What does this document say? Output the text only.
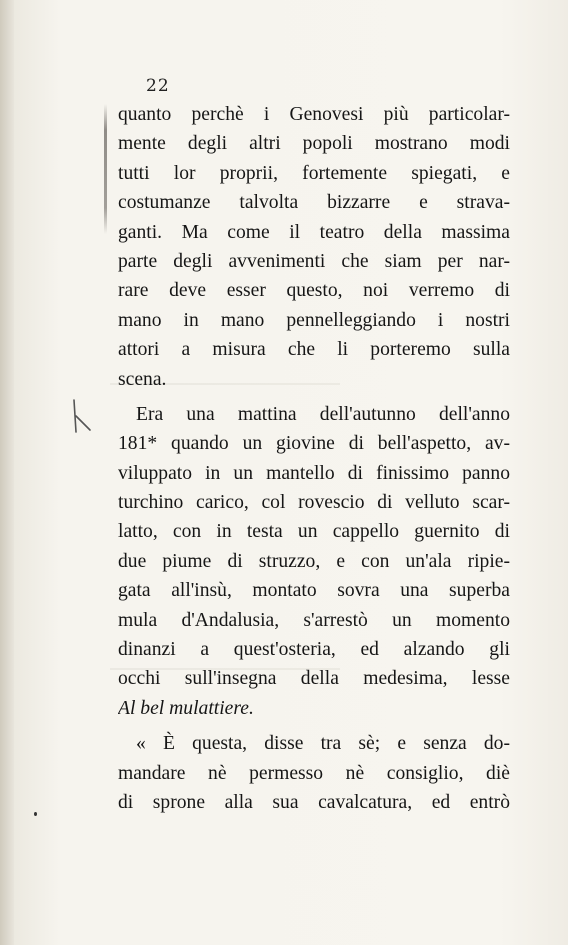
22
quanto perchè i Genovesi più particolar-
mente degli altri popoli mostrano modi
tutti lor proprii, fortemente spiegati, e
costumanze talvolta bizzarre e strava-
ganti. Ma come il teatro della massima
parte degli avvenimenti che siam per nar-
rare deve esser questo, noi verremo di
mano in mano pennelleggiando i nostri
attori a misura che li porteremo sulla
scena.
Era una mattina dell'autunno dell'anno
181* quando un giovine di bell'aspetto, av-
viluppato in un mantello di finissimo panno
turchino carico, col rovescio di velluto scar-
latto, con in testa un cappello guernito di
due piume di struzzo, e con un'ala ripie-
gata all'insù, montato sovra una superba
mula d'Andalusia, s'arrestò un momento
dinanzi a quest'osteria, ed alzando gli
occhi sull'insegna della medesima, lesse
Al bel mulattiere.
« È questa, disse tra sè; e senza do-
mandare nè permesso nè consiglio, diè
di sprone alla sua cavalcatura, ed entrò
